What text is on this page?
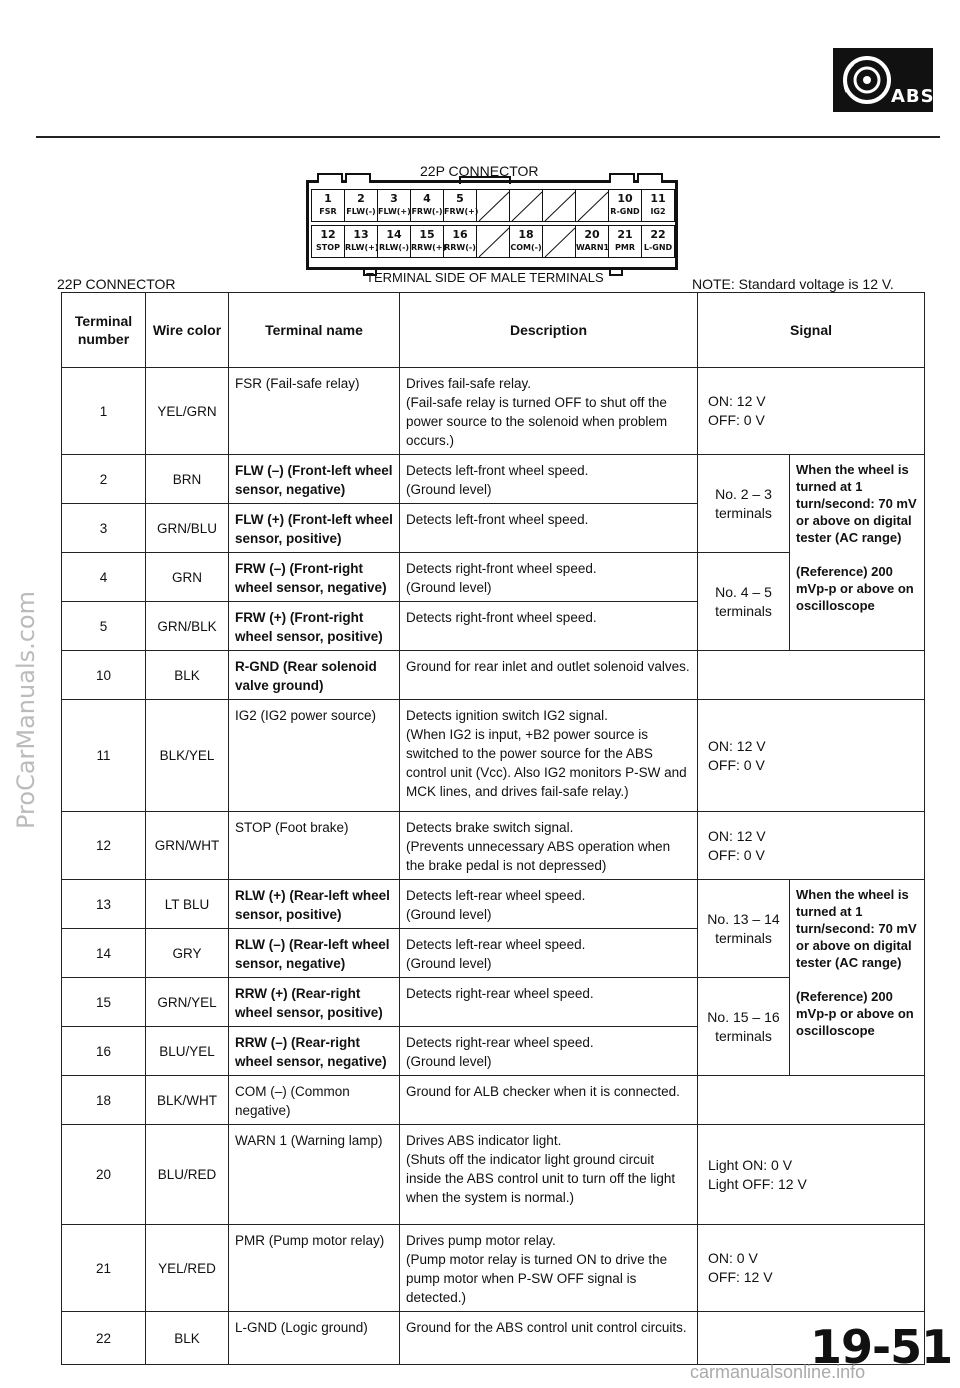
ABS
22P CONNECTOR
1
FSR
2
FLW(-)
3
FLW(+)
4
FRW(-)
5
FRW(+)
10
R-GND
11
IG2
12
STOP
13
RLW(+)
14
RLW(-)
15
RRW(+)
16
RRW(-)
18
COM(-)
20
WARN1
21
PMR
22
L-GND
TERMINAL SIDE OF MALE TERMINALS
22P CONNECTOR	NOTE: Standard voltage is 12 V.
Terminal number	Wire color	Terminal name	Description	Signal	
1	YEL/GRN	FSR (Fail-safe relay)	Drives fail-safe relay.
(Fail-safe relay is turned OFF to shut off the power source to the solenoid when problem occurs.)	ON: 12 V
OFF: 0 V	
2	BRN	FLW (–) (Front-left wheel sensor, negative)	Detects left-front wheel speed.
(Ground level)	No. 2 – 3 terminals	When the wheel is turned at 1 turn/second: 70 mV or above on digital tester (AC range)

(Reference) 200 mVp-p or above on oscilloscope
3	GRN/BLU	FLW (+) (Front-left wheel sensor, positive)	Detects left-front wheel speed.		
4	GRN	FRW (–) (Front-right wheel sensor, negative)	Detects right-front wheel speed.
(Ground level)	No. 4 – 5 terminals	
5	GRN/BLK	FRW (+) (Front-right wheel sensor, positive)	Detects right-front wheel speed.		
10	BLK	R-GND (Rear solenoid valve ground)	Ground for rear inlet and outlet solenoid valves.		
11	BLK/YEL	IG2 (IG2 power source)	Detects ignition switch IG2 signal.
(When IG2 is input, +B2 power source is switched to the power source for the ABS control unit (Vcc). Also IG2 monitors P-SW and MCK lines, and drives fail-safe relay.)	ON: 12 V
OFF: 0 V	
12	GRN/WHT	STOP (Foot brake)	Detects brake switch signal.
(Prevents unnecessary ABS operation when the brake pedal is not depressed)	ON: 12 V
OFF: 0 V	
13	LT BLU	RLW (+) (Rear-left wheel sensor, positive)	Detects left-rear wheel speed.
(Ground level)	No. 13 – 14 terminals	When the wheel is turned at 1 turn/second: 70 mV or above on digital tester (AC range)

(Reference) 200 mVp-p or above on oscilloscope
14	GRY	RLW (–) (Rear-left wheel sensor, negative)	Detects left-rear wheel speed.
(Ground level)		
15	GRN/YEL	RRW (+) (Rear-right wheel sensor, positive)	Detects right-rear wheel speed.	No. 15 – 16 terminals	
16	BLU/YEL	RRW (–) (Rear-right wheel sensor, negative)	Detects right-rear wheel speed.
(Ground level)		
18	BLK/WHT	COM (–) (Common negative)	Ground for ALB checker when it is connected.		
20	BLU/RED	WARN 1 (Warning lamp)	Drives ABS indicator light.
(Shuts off the indicator light ground circuit inside the ABS control unit to turn off the light when the system is normal.)	Light ON: 0 V
Light OFF: 12 V	
21	YEL/RED	PMR (Pump motor relay)	Drives pump motor relay.
(Pump motor relay is turned ON to drive the pump motor when P-SW OFF signal is detected.)	ON: 0 V
OFF: 12 V	
22	BLK	L-GND (Logic ground)	Ground for the ABS control unit control circuits.		
ProCarManuals.com
19-51
carmanualsonline.info
